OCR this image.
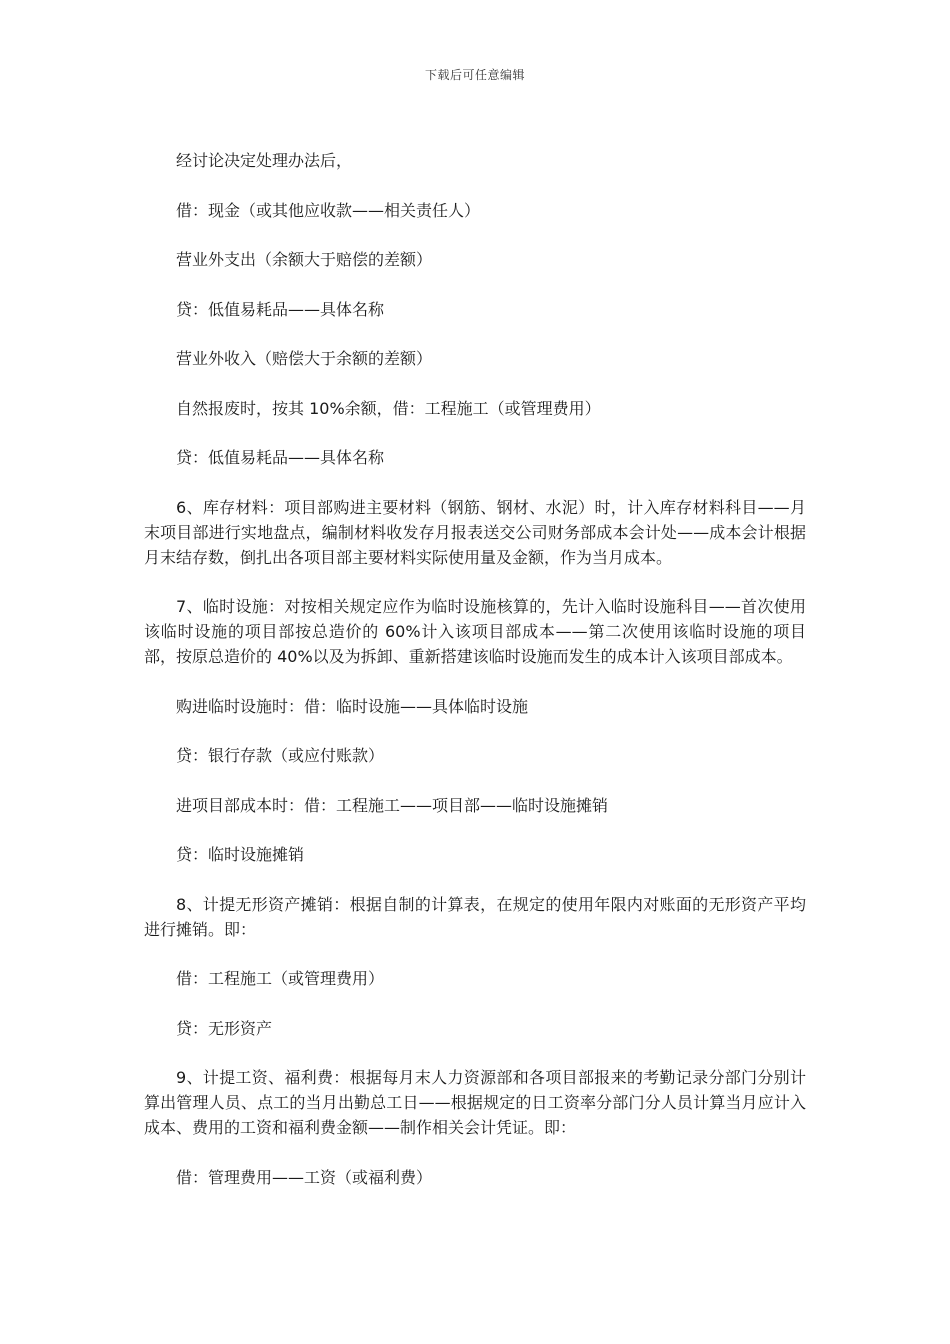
下载后可任意编辑

经讨论决定处理办法后，

借：现金（或其他应收款——相关责任人）

营业外支出（余额大于赔偿的差额）

贷：低值易耗品——具体名称

营业外收入（赔偿大于余额的差额）

自然报废时，按其 10%余额，借：工程施工（或管理费用）

贷：低值易耗品——具体名称

6、库存材料：项目部购进主要材料（钢筋、钢材、水泥）时，计入库存材料科目——月末项目部进行实地盘点，编制材料收发存月报表送交公司财务部成本会计处——成本会计根据月末结存数，倒扎出各项目部主要材料实际使用量及金额，作为当月成本。

7、临时设施：对按相关规定应作为临时设施核算的，先计入临时设施科目——首次使用该临时设施的项目部按总造价的 60%计入该项目部成本——第二次使用该临时设施的项目部，按原总造价的 40%以及为拆卸、重新搭建该临时设施而发生的成本计入该项目部成本。

购进临时设施时：借：临时设施——具体临时设施

贷：银行存款（或应付账款）

进项目部成本时：借：工程施工——项目部——临时设施摊销

贷：临时设施摊销

8、计提无形资产摊销：根据自制的计算表，在规定的使用年限内对账面的无形资产平均进行摊销。即：

借：工程施工（或管理费用）

贷：无形资产

9、计提工资、福利费：根据每月末人力资源部和各项目部报来的考勤记录分部门分别计算出管理人员、点工的当月出勤总工日——根据规定的日工资率分部门分人员计算当月应计入成本、费用的工资和福利费金额——制作相关会计凭证。即：

借：管理费用——工资（或福利费）
